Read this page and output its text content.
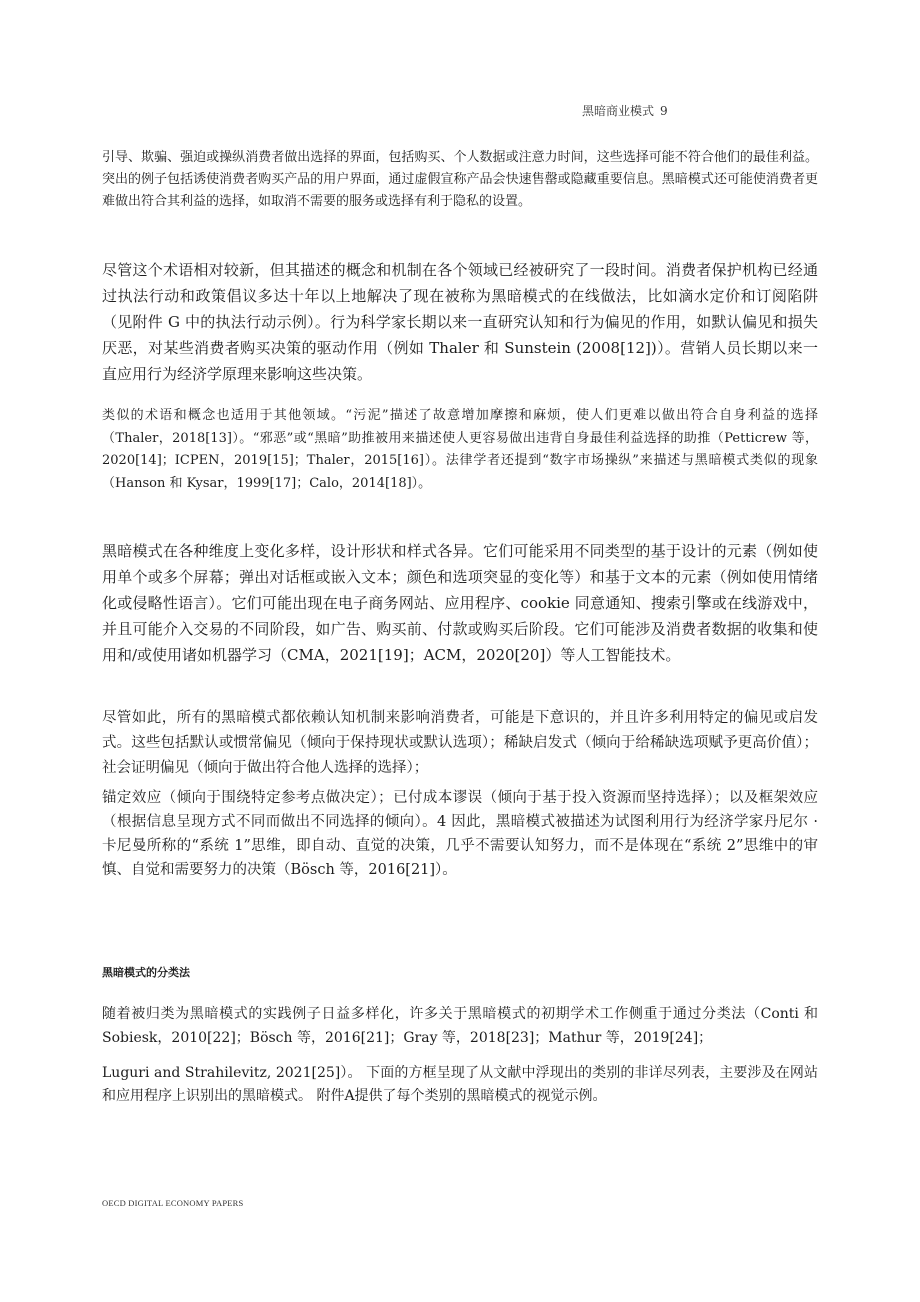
黑暗商业模式 9

引导、欺骗、强迫或操纵消费者做出选择的界面，包括购买、个人数据或注意力时间，这些选择可能不符合他们的最佳利益。突出的例子包括诱使消费者购买产品的用户界面，通过虚假宣称产品会快速售罄或隐藏重要信息。黑暗模式还可能使消费者更难做出符合其利益的选择，如取消不需要的服务或选择有利于隐私的设置。

尽管这个术语相对较新，但其描述的概念和机制在各个领域已经被研究了一段时间。消费者保护机构已经通过执法行动和政策倡议多达十年以上地解决了现在被称为黑暗模式的在线做法，比如滴水定价和订阅陷阱（见附件 G 中的执法行动示例）。行为科学家长期以来一直研究认知和行为偏见的作用，如默认偏见和损失厌恶，对某些消费者购买决策的驱动作用（例如 Thaler 和 Sunstein (2008[12])）。营销人员长期以来一直应用行为经济学原理来影响这些决策。

类似的术语和概念也适用于其他领域。“污泥”描述了故意增加摩擦和麻烦，使人们更难以做出符合自身利益的选择（Thaler，2018[13]）。“邪恶”或“黑暗”助推被用来描述使人更容易做出违背自身最佳利益选择的助推（Petticrew 等，2020[14]；ICPEN，2019[15]；Thaler，2015[16]）。法律学者还提到“数字市场操纵”来描述与黑暗模式类似的现象（Hanson 和 Kysar，1999[17]；Calo，2014[18]）。

黑暗模式在各种维度上变化多样，设计形状和样式各异。它们可能采用不同类型的基于设计的元素（例如使用单个或多个屏幕；弹出对话框或嵌入文本；颜色和选项突显的变化等）和基于文本的元素（例如使用情绪化或侵略性语言）。它们可能出现在电子商务网站、应用程序、cookie 同意通知、搜索引擎或在线游戏中，并且可能介入交易的不同阶段，如广告、购买前、付款或购买后阶段。它们可能涉及消费者数据的收集和使用和/或使用诸如机器学习（CMA，2021[19]；ACM，2020[20]）等人工智能技术。

尽管如此，所有的黑暗模式都依赖认知机制来影响消费者，可能是下意识的，并且许多利用特定的偏见或启发式。这些包括默认或惯常偏见（倾向于保持现状或默认选项）；稀缺启发式（倾向于给稀缺选项赋予更高价值）；社会证明偏见（倾向于做出符合他人选择的选择）；

锚定效应（倾向于围绕特定参考点做决定）；已付成本谬误（倾向于基于投入资源而坚持选择）；以及框架效应（根据信息呈现方式不同而做出不同选择的倾向）。4 因此，黑暗模式被描述为试图利用行为经济学家丹尼尔 · 卡尼曼所称的“系统 1”思维，即自动、直觉的决策，几乎不需要认知努力，而不是体现在“系统 2”思维中的审慎、自觉和需要努力的决策（Bösch 等，2016[21]）。

黑暗模式的分类法

随着被归类为黑暗模式的实践例子日益多样化，许多关于黑暗模式的初期学术工作侧重于通过分类法（Conti 和 Sobiesk，2010[22]；Bösch 等，2016[21]；Gray 等，2018[23]；Mathur 等，2019[24]；

Luguri and Strahilevitz, 2021[25]）。 下面的方框呈现了从文献中浮现出的类别的非详尽列表，主要涉及在网站和应用程序上识别出的黑暗模式。 附件A提供了每个类别的黑暗模式的视觉示例。

OECD DIGITAL ECONOMY PAPERS
